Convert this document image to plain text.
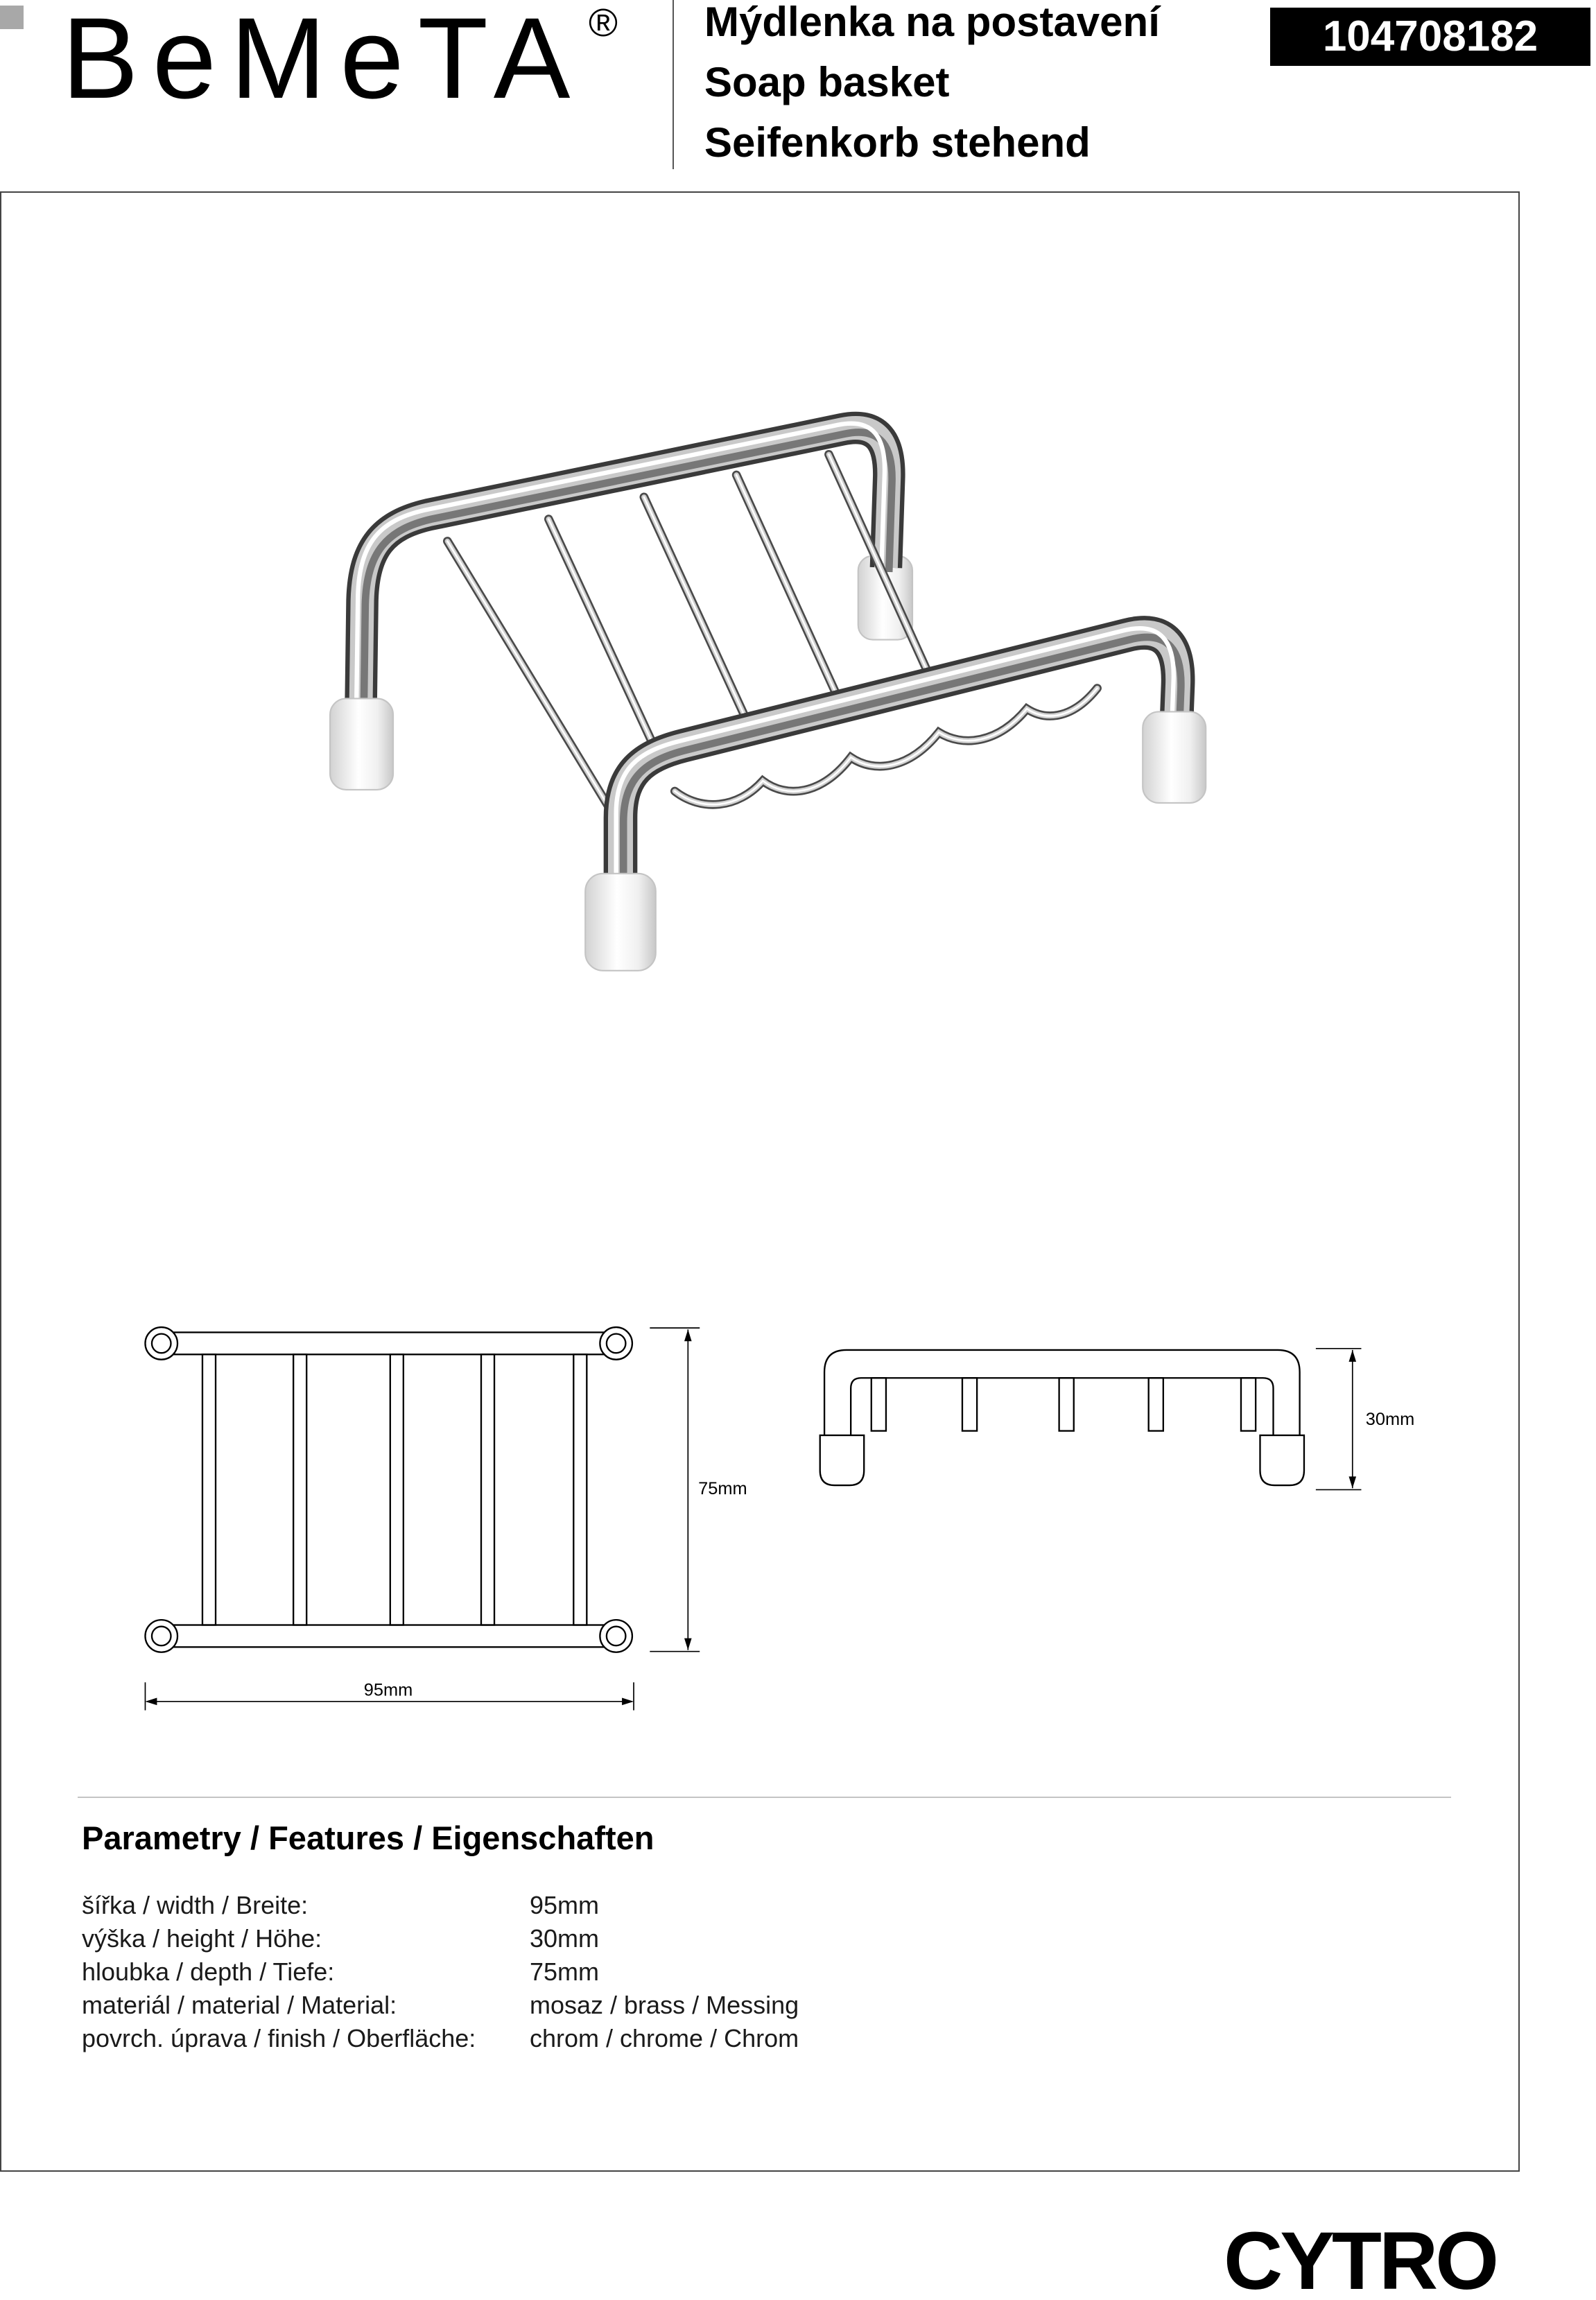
BeMeTA ® Mýdlenka na postavení
Soap basket
Seifenkorb stehend
104708182
75mm
95mm
30mm
Parametry / Features / Eigenschaften
šířka / width / Breite:	95mm
výška / height / Höhe:	30mm
hloubka / depth / Tiefe:	75mm
materiál / material / Material:	mosaz / brass / Messing
povrch. úprava / finish / Oberfläche: chrom / chrome / Chrom
CYTRO
